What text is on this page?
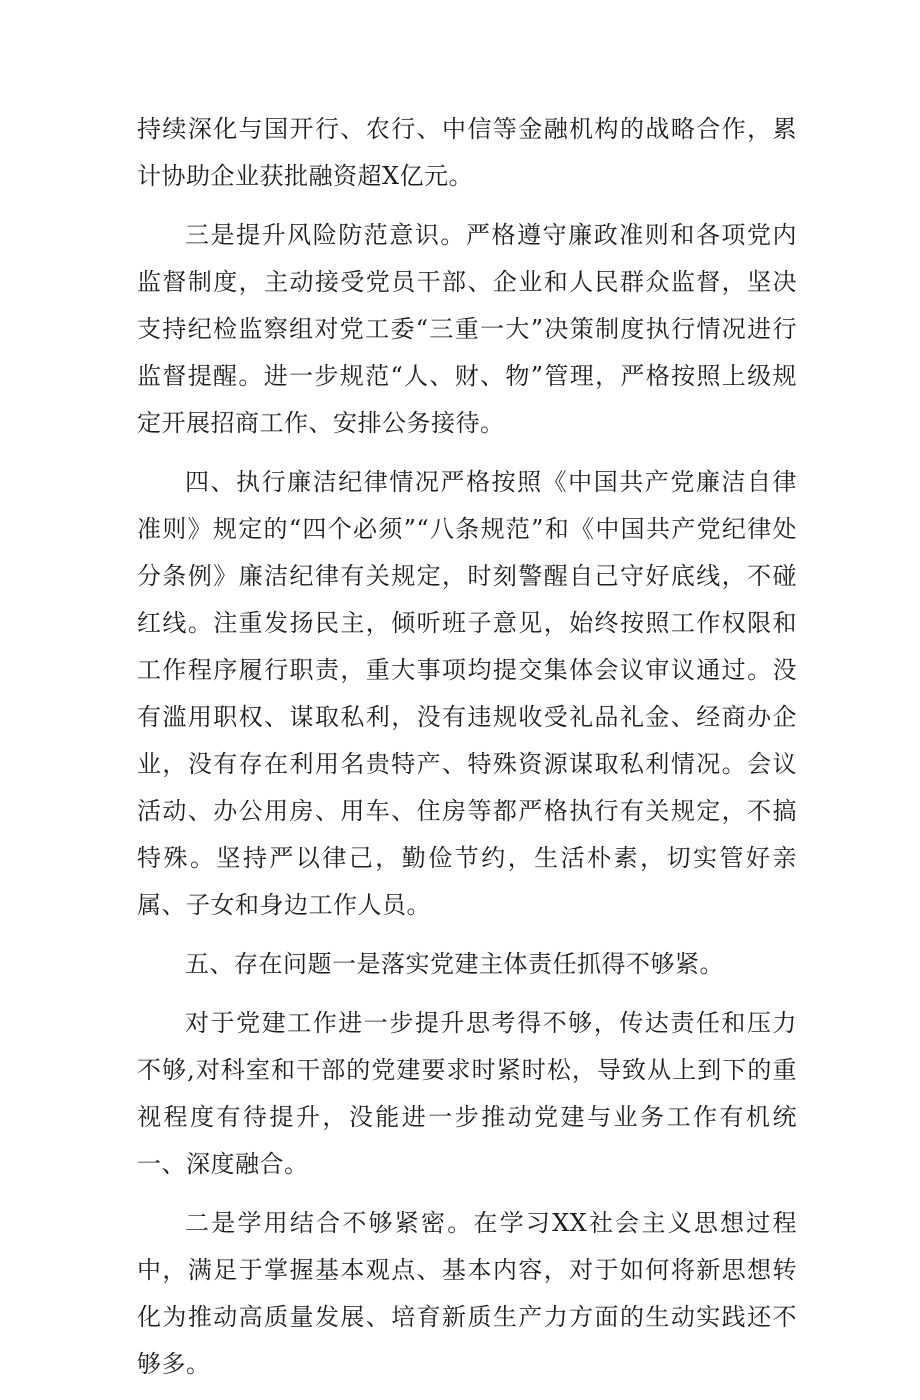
持续深化与国开行、农行、中信等金融机构的战略合作，累计协助企业获批融资超X亿元。

三是提升风险防范意识。严格遵守廉政准则和各项党内监督制度，主动接受党员干部、企业和人民群众监督，坚决支持纪检监察组对党工委“三重一大”决策制度执行情况进行监督提醒。进一步规范“人、财、物”管理，严格按照上级规定开展招商工作、安排公务接待。

四、执行廉洁纪律情况严格按照《中国共产党廉洁自律准则》规定的“四个必须”“八条规范”和《中国共产党纪律处分条例》廉洁纪律有关规定，时刻警醒自己守好底线，不碰红线。注重发扬民主，倾听班子意见，始终按照工作权限和工作程序履行职责，重大事项均提交集体会议审议通过。没有滥用职权、谋取私利，没有违规收受礼品礼金、经商办企业，没有存在利用名贵特产、特殊资源谋取私利情况。会议活动、办公用房、用车、住房等都严格执行有关规定，不搞特殊。坚持严以律己，勤俭节约，生活朴素，切实管好亲属、子女和身边工作人员。

五、存在问题一是落实党建主体责任抓得不够紧。

对于党建工作进一步提升思考得不够，传达责任和压力不够,对科室和干部的党建要求时紧时松，导致从上到下的重视程度有待提升，没能进一步推动党建与业务工作有机统一、深度融合。

二是学用结合不够紧密。在学习XX社会主义思想过程中，满足于掌握基本观点、基本内容，对于如何将新思想转化为推动高质量发展、培育新质生产力方面的生动实践还不够多。
